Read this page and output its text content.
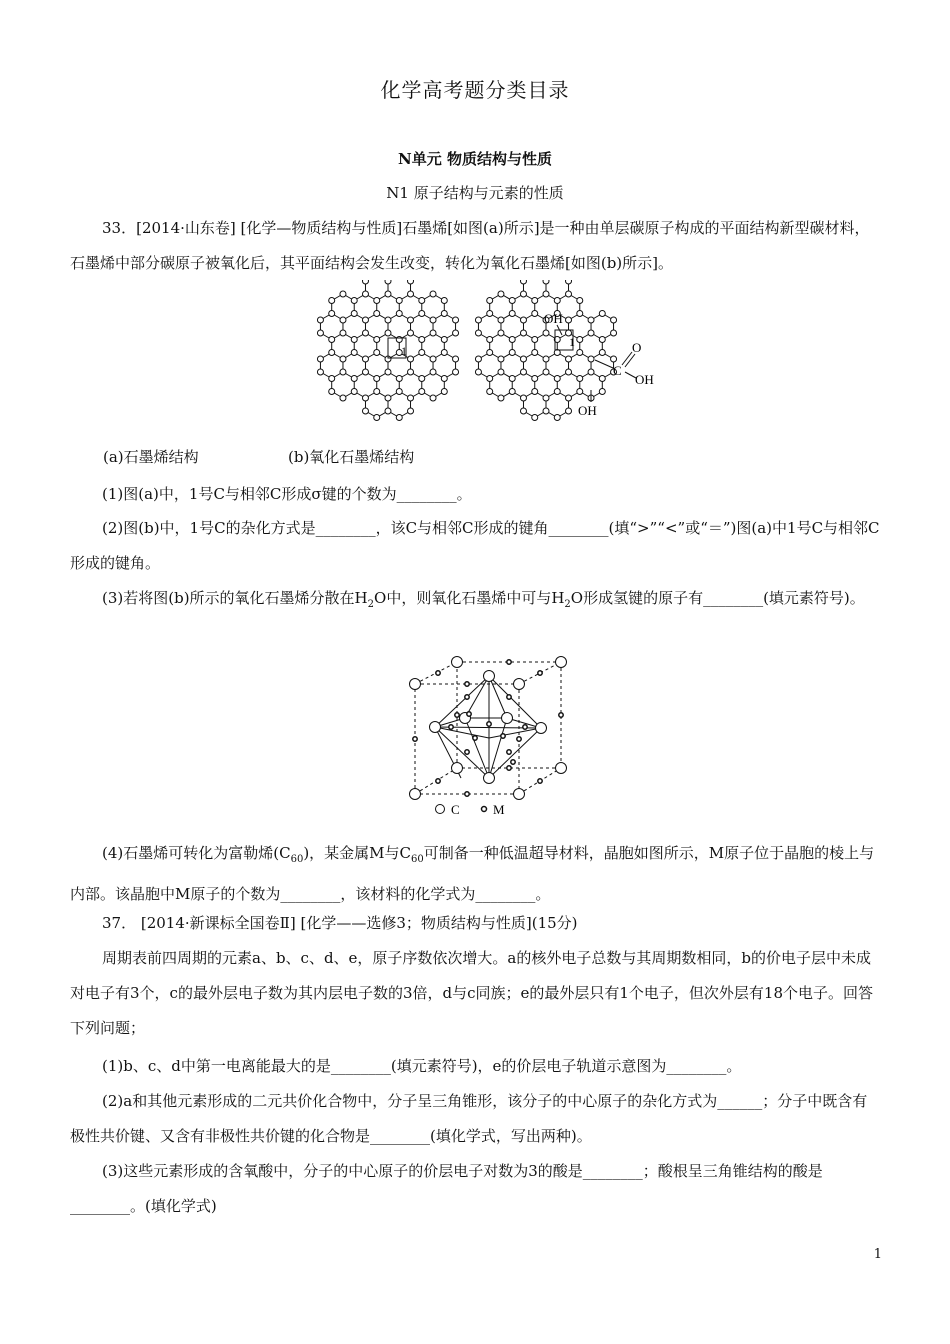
化学高考题分类目录
N单元 物质结构与性质
N1 原子结构与元素的性质
33．[2014·山东卷] [化学—物质结构与性质]石墨烯[如图(a)所示]是一种由单层碳原子构成的平面结构新型碳材料，石墨烯中部分碳原子被氧化后，其平面结构会发生改变，转化为氧化石墨烯[如图(b)所示]。
1
1
OH
C
O
OH
OH
(a)石墨烯结构	(b)氧化石墨烯结构
(1)图(a)中，1号C与相邻C形成σ键的个数为________。
(2)图(b)中，1号C的杂化方式是________，该C与相邻C形成的键角________(填“>”“<”或“＝”)图(a)中1号C与相邻C形成的键角。
(3)若将图(b)所示的氧化石墨烯分散在$H_2O$中，则氧化石墨烯中可与$H_2O$形成氢键的原子有________(填元素符号)。
C	M
(4)石墨烯可转化为富勒烯$(C_{60})$，某金属M与$C_{60}$可制备一种低温超导材料，晶胞如图所示，M原子位于晶胞的棱上与内部。该晶胞中M原子的个数为________，该材料的化学式为________。
37． [2014·新课标全国卷Ⅱ] [化学——选修3；物质结构与性质](15分)
周期表前四周期的元素a、b、c、d、e，原子序数依次增大。a的核外电子总数与其周期数相同，b的价电子层中未成对电子有3个，c的最外层电子数为其内层电子数的3倍，d与c同族；e的最外层只有1个电子，但次外层有18个电子。回答下列问题；
(1)b、c、d中第一电离能最大的是________(填元素符号)，e的价层电子轨道示意图为________。
(2)a和其他元素形成的二元共价化合物中，分子呈三角锥形，该分子的中心原子的杂化方式为______；分子中既含有极性共价键、又含有非极性共价键的化合物是________(填化学式，写出两种)。
(3)这些元素形成的含氧酸中，分子的中心原子的价层电子对数为3的酸是________；酸根呈三角锥结构的酸是________。(填化学式)
1
